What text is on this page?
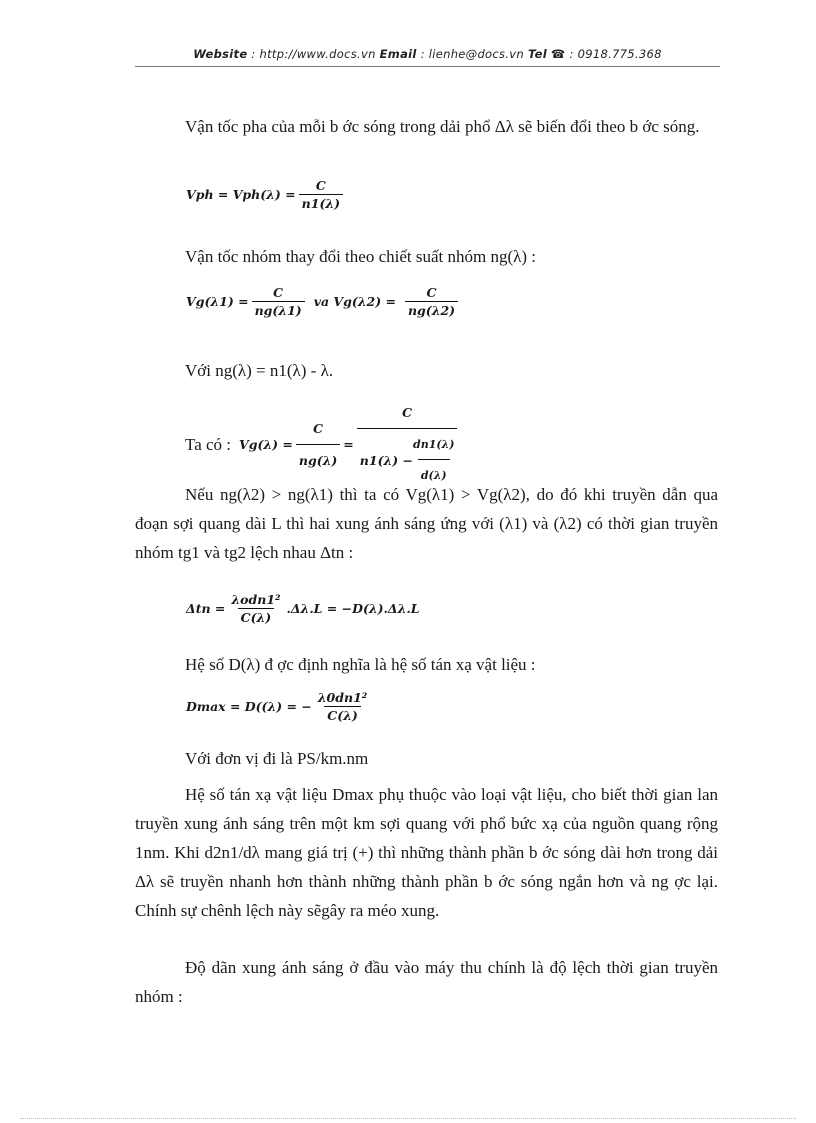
Website : http://www.docs.vn Email : lienhe@docs.vn Tel ☎ : 0918.775.368

Vận tốc pha của mỗi b ớc sóng trong dải phổ Δλ sẽ biến đổi theo b ớc sóng.

Vph = $Vph(\lambda) = \frac{C}{n1(\lambda)}$

Vận tốc nhóm thay đổi theo chiết suất nhóm ng(λ) :

$Vg(\lambda 1) = \frac{C}{ng(\lambda 1)}$ va $Vg(\lambda 2) = \frac{C}{ng(\lambda 2)}$

Với ng(λ) = n1(λ) - λ.

Ta có : $Vg(\lambda) = \frac{C}{ng(\lambda)} = \frac{C}{n1(\lambda) - \frac{dn1(\lambda)}{d(\lambda)}}$

Nếu ng(λ2) > ng(λ1) thì ta có Vg(λ1) > Vg(λ2), do đó khi truyền dẫn qua đoạn sợi quang dài L thì hai xung ánh sáng ứng với (λ1) và (λ2) có thời gian truyền nhóm tg1 và tg2 lệch nhau Δtn :

$\Delta tn = \frac{\text{λodn1²}}{C(\lambda)} .\Delta\lambda.L = -D(\lambda).\Delta\lambda.L$

Hệ số D(λ) đ ợc định nghĩa là hệ số tán xạ vật liệu :

Dmax = D((λ) = − $\frac{\text{λ0dn1²}}{C(\lambda)}$

Với đơn vị đi là PS/km.nm

Hệ số tán xạ vật liệu Dmax phụ thuộc vào loại vật liệu, cho biết thời gian lan truyền xung ánh sáng trên một km sợi quang với phổ bức xạ của nguồn quang rộng 1nm. Khi d2n1/dλ mang giá trị (+) thì những thành phần b ớc sóng dài hơn trong dải Δλ sẽ truyền nhanh hơn thành những thành phần b ớc sóng ngắn hơn và ng ợc lại. Chính sự chênh lệch này sẽgây ra méo xung.

Độ dãn xung ánh sáng ở đầu vào máy thu chính là độ lệch thời gian truyền nhóm :
